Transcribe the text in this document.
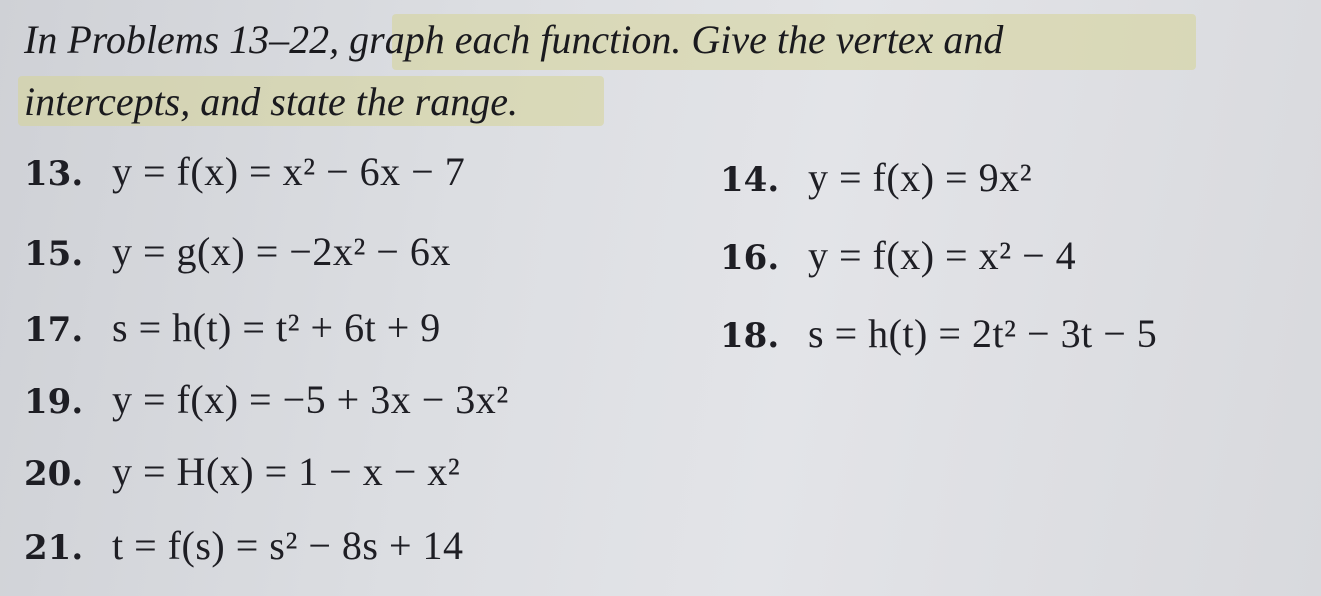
In Problems 13–22, graph each function. Give the vertex and
intercepts, and state the range.
13. y = f(x) = x² − 6x − 7	14. y = f(x) = 9x²
15. y = g(x) = −2x² − 6x	16. y = f(x) = x² − 4
17. s = h(t) = t² + 6t + 9	18. s = h(t) = 2t² − 3t − 5
19. y = f(x) = −5 + 3x − 3x²
20. y = H(x) = 1 − x − x²
21. t = f(s) = s² − 8s + 14
